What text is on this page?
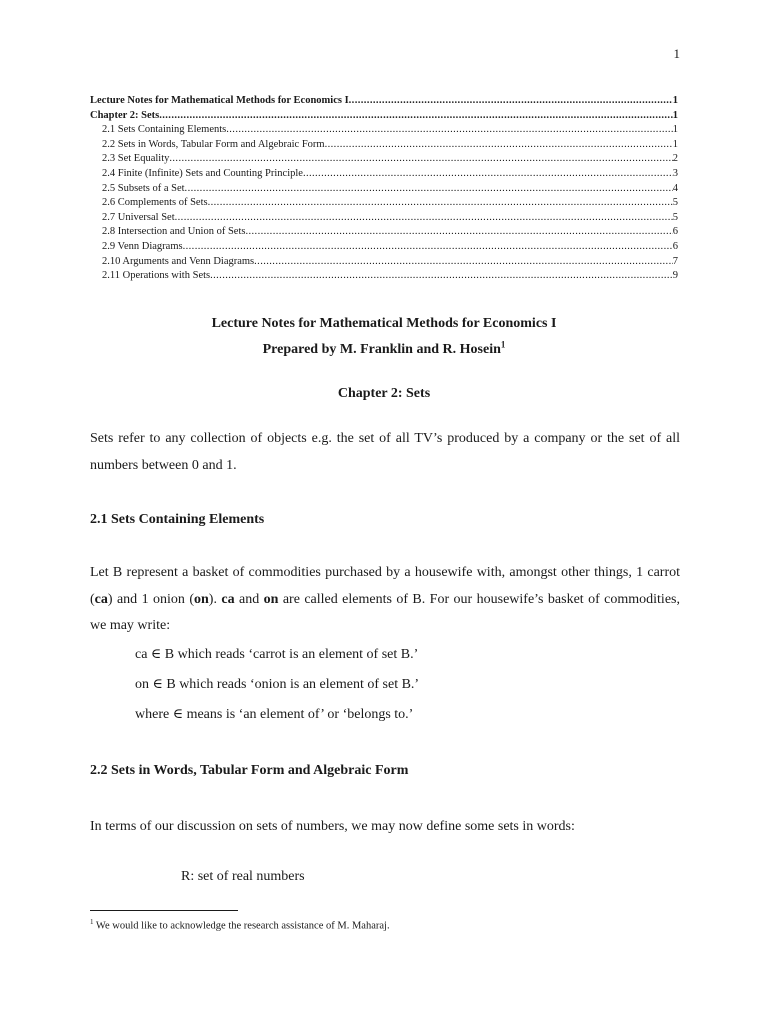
1
Lecture Notes for Mathematical Methods for Economics I .....	1
Chapter 2: Sets .....	1
2.1 Sets Containing Elements .....	1
2.2 Sets in Words, Tabular Form and Algebraic Form .....	1
2.3 Set Equality .....	2
2.4 Finite (Infinite) Sets and Counting Principle .....	3
2.5 Subsets of a Set .....	4
2.6 Complements of Sets .....	5
2.7 Universal Set .....	5
2.8 Intersection and Union of Sets .....	6
2.9 Venn Diagrams .....	6
2.10 Arguments and Venn Diagrams .....	7
2.11 Operations with Sets .....	9
Lecture Notes for Mathematical Methods for Economics I
Prepared by M. Franklin and R. Hosein$^1$
Chapter 2: Sets
Sets refer to any collection of objects e.g. the set of all TV’s produced by a company or the set of all numbers between 0 and 1.
2.1 Sets Containing Elements
Let B represent a basket of commodities purchased by a housewife with, amongst other things, 1 carrot (ca) and 1 onion (on). ca and on are called elements of B. For our housewife’s basket of commodities, we may write:
ca ∈ B which reads ‘carrot is an element of set B.’
on ∈ B which reads ‘onion is an element of set B.’
where ∈ means is ‘an element of’ or ‘belongs to.’
2.2 Sets in Words, Tabular Form and Algebraic Form
In terms of our discussion on sets of numbers, we may now define some sets in words:
R: set of real numbers
$^1$ We would like to acknowledge the research assistance of M. Maharaj.
